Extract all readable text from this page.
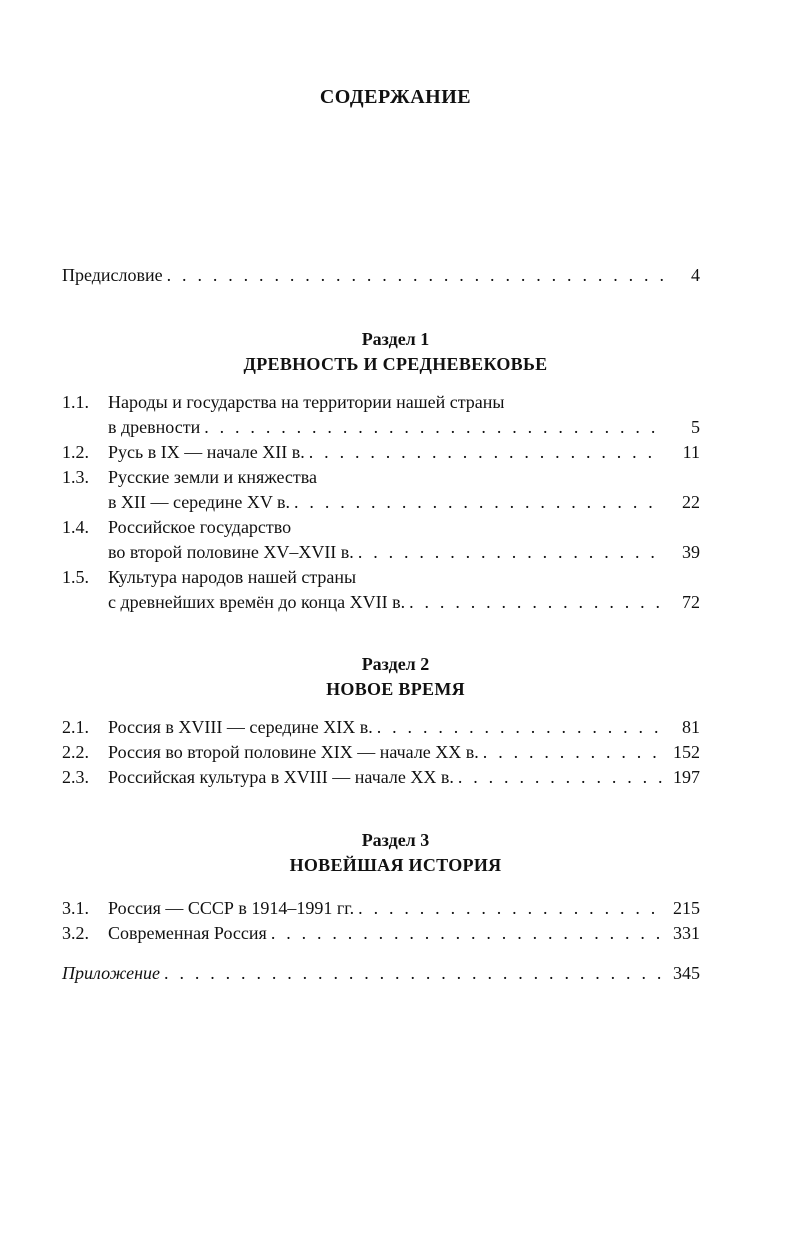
СОДЕРЖАНИЕ
Предисловие . . .	4
Раздел 1
ДРЕВНОСТЬ И СРЕДНЕВЕКОВЬЕ
1.1.	Народы и государства на территории нашей страны
в древности . . .	5
1.2.	Русь в IX — начале XII в. . . .	11
1.3.	Русские земли и княжества
в XII — середине XV в. . . .	22
1.4.	Российское государство
во второй половине XV–XVII в. . . .	39
1.5.	Культура народов нашей страны
с древнейших времён до конца XVII в. . . .	72
Раздел 2
НОВОЕ ВРЕМЯ
2.1.	Россия в XVIII — середине XIX в. . . .	81
2.2.	Россия во второй половине XIX — начале XX в. . . .	152
2.3.	Российская культура в XVIII — начале XX в. . . .	197
Раздел 3
НОВЕЙШАЯ ИСТОРИЯ
3.1.	Россия — СССР в 1914–1991 гг. . . .	215
3.2.	Современная Россия . . .	331
Приложение . . .	345
